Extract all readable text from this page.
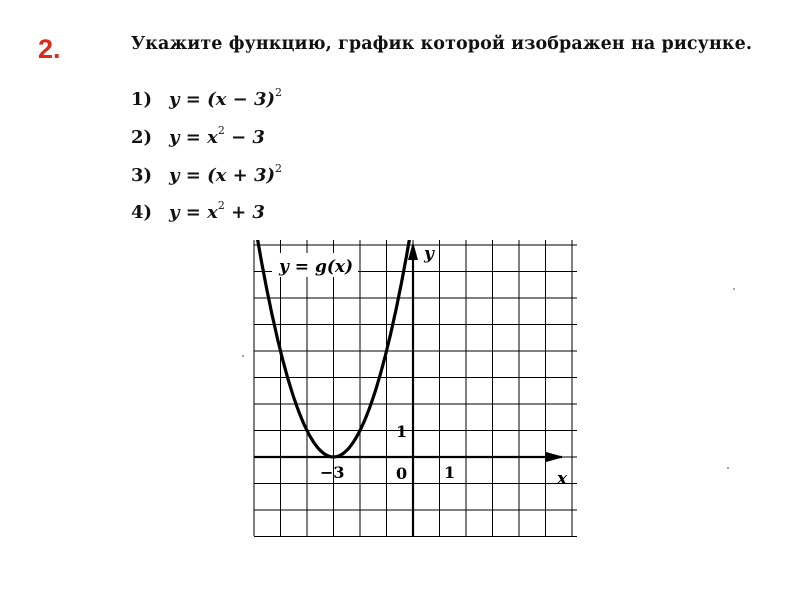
2.	Укажите функцию, график которой изображен на рисунке.
1) $y = (x - 3)^2$
2) $y = x^2 - 3$
3) $y = (x + 3)^2$
4) $y = x^2 + 3$
y = g(x)
y
x
1
0 1
−3
